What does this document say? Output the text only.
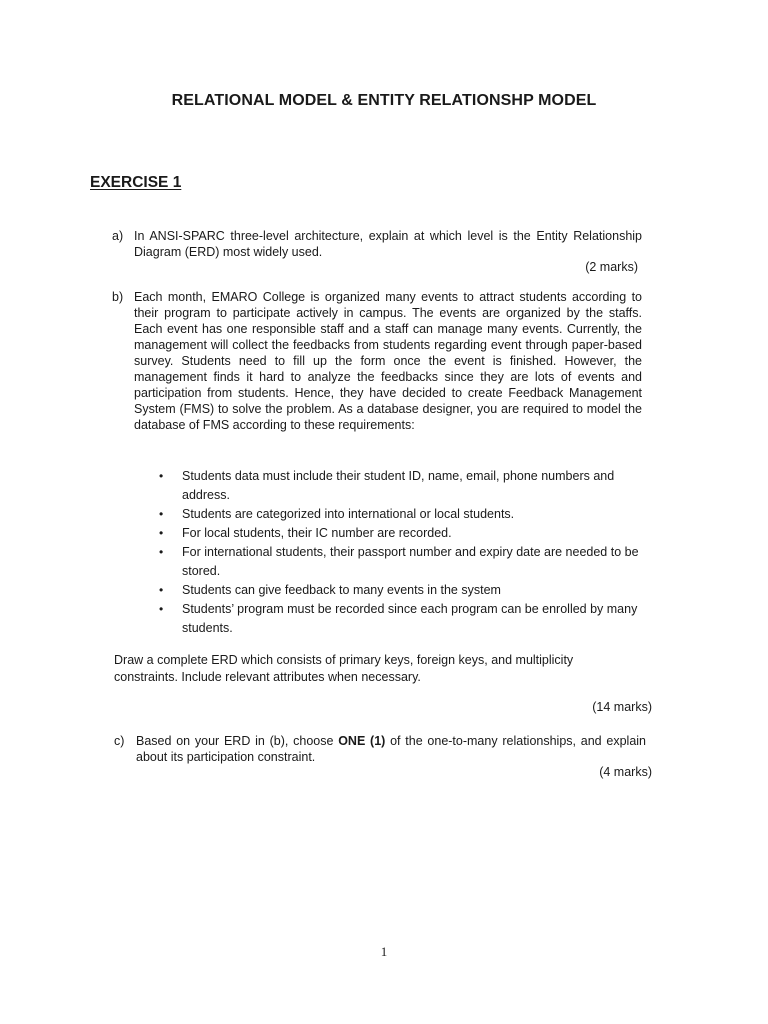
RELATIONAL MODEL & ENTITY RELATIONSHP MODEL
EXERCISE 1
a) In ANSI-SPARC three-level architecture, explain at which level is the Entity Relationship Diagram (ERD) most widely used.
(2 marks)
b) Each month, EMARO College is organized many events to attract students according to their program to participate actively in campus. The events are organized by the staffs. Each event has one responsible staff and a staff can manage many events. Currently, the management will collect the feedbacks from students regarding event through paper-based survey. Students need to fill up the form once the event is finished. However, the management finds it hard to analyze the feedbacks since they are lots of events and participation from students. Hence, they have decided to create Feedback Management System (FMS) to solve the problem. As a database designer, you are required to model the database of FMS according to these requirements:
• Students data must include their student ID, name, email, phone numbers and address.
• Students are categorized into international or local students.
• For local students, their IC number are recorded.
• For international students, their passport number and expiry date are needed to be stored.
• Students can give feedback to many events in the system
• Students’ program must be recorded since each program can be enrolled by many students.
Draw a complete ERD which consists of primary keys, foreign keys, and multiplicity constraints. Include relevant attributes when necessary.
(14 marks)
c) Based on your ERD in (b), choose ONE (1) of the one-to-many relationships, and explain about its participation constraint.
(4 marks)
1
